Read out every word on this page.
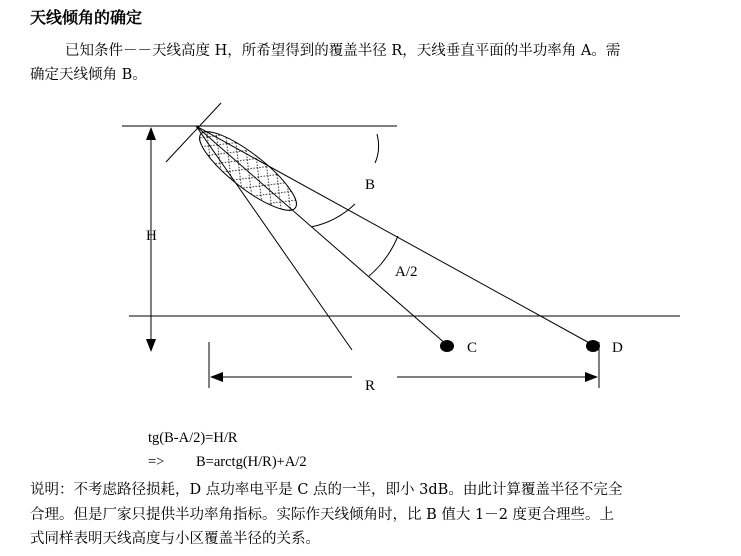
天线倾角的确定
已知条件－－天线高度 H，所希望得到的覆盖半径 R，天线垂直平面的半功率角 A。需
确定天线倾角 B。
B
H
A/2
C	D
R
tg(B-A/2)=H/R
=> B=arctg(H/R)+A/2
说明：不考虑路径损耗，D 点功率电平是 C 点的一半，即小 3dB。由此计算覆盖半径不完全
合理。但是厂家只提供半功率角指标。实际作天线倾角时，比 B 值大 1－2 度更合理些。上
式同样表明天线高度与小区覆盖半径的关系。
